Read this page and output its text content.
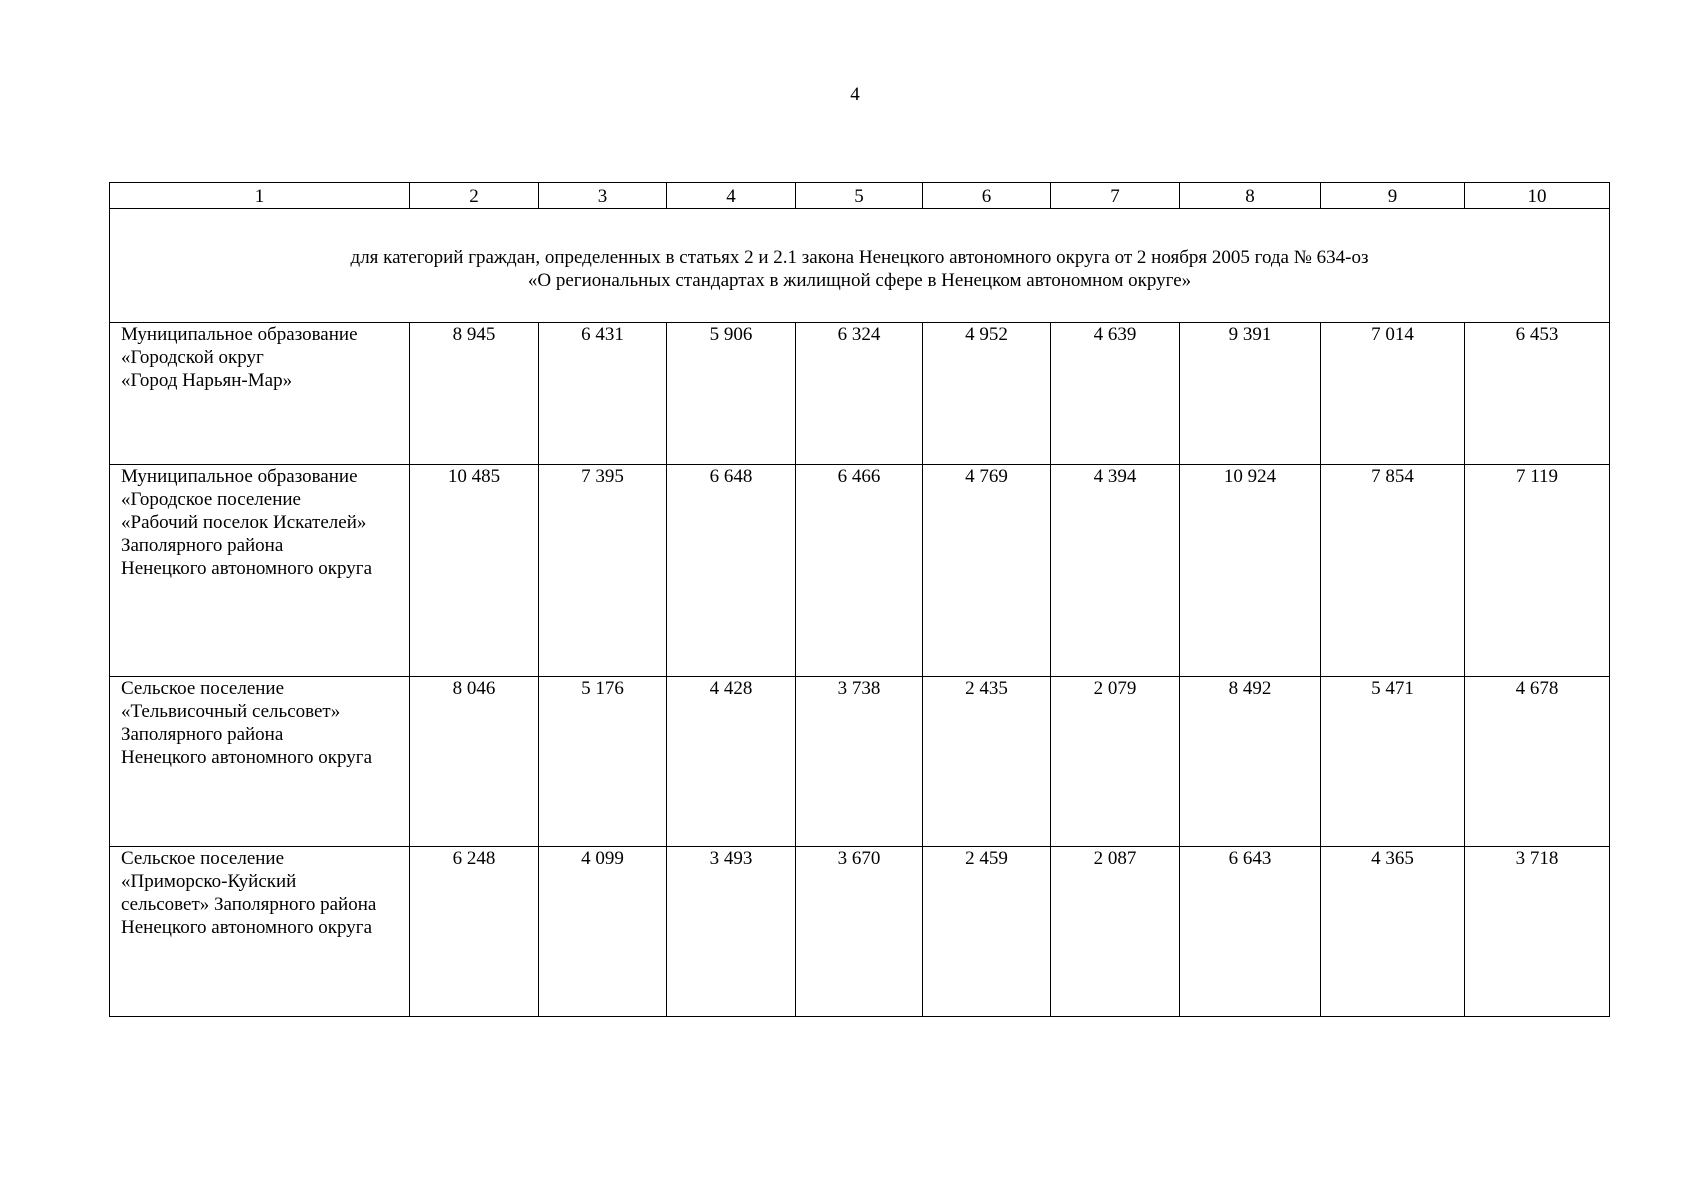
4
1	2	3	4	5	6	7	8	9	10

для категорий граждан, определенных в статьях 2 и 2.1 закона Ненецкого автономного округа от 2 ноября 2005 года № 634-оз
«О региональных стандартах в жилищной сфере в Ненецком автономном округе»									

Муниципальное образование
«Городской округ
«Город Нарьян-Мар»	8 945	6 431	5 906	6 324	4 952	4 639	9 391	7 014	6 453

Муниципальное образование
«Городское поселение
«Рабочий поселок Искателей»
Заполярного района
Ненецкого автономного округа	10 485	7 395	6 648	6 466	4 769	4 394	10 924	7 854	7 119

Сельское поселение
«Тельвисочный сельсовет»
Заполярного района
Ненецкого автономного округа	8 046	5 176	4 428	3 738	2 435	2 079	8 492	5 471	4 678

Сельское поселение
«Приморско-Куйский
сельсовет» Заполярного района
Ненецкого автономного округа	6 248	4 099	3 493	3 670	2 459	2 087	6 643	4 365	3 718
